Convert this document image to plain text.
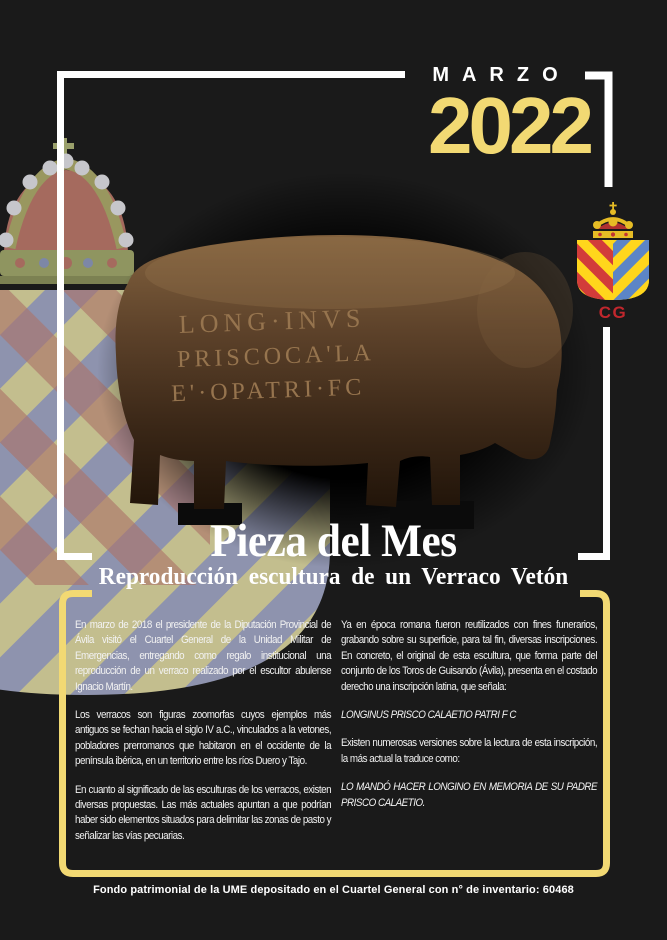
LONG·INVS
PRISCOCA'LA
E'·OPATRI·FC
MARZO
2022
CG
Pieza del Mes
Reproducción escultura de un Verraco Vetón

En marzo de 2018 el presidente de la Diputación Provincial de Ávila visitó el Cuartel General de la Unidad Militar de Emergencias, entregando como regalo institucional una reproducción de un verraco realizado por el escultor abulense Ignacio Martín.

Los verracos son figuras zoomorfas cuyos ejemplos más antiguos se fechan hacia el siglo IV a.C., vinculados a la vetones, pobladores prerromanos que habitaron en el occidente de la península ibérica, en un territorio entre los ríos Duero y Tajo.

En cuanto al significado de las esculturas de los verracos, existen diversas propuestas. Las más actuales apuntan a que podrían haber sido elementos situados para delimitar las zonas de pasto y señalizar las vías pecuarias.

Ya en época romana fueron reutilizados con fines funerarios, grabando sobre su superficie, para tal fin, diversas inscripciones. En concreto, el original de esta escultura, que forma parte del conjunto de los Toros de Guisando (Ávila), presenta en el costado derecho una inscripción latina, que señala:

LONGINUS PRISCO CALAETIO PATRI F C

Existen numerosas versiones sobre la lectura de esta inscripción, la más actual la traduce como:

LO MANDÓ HACER LONGINO EN MEMORIA DE SU PADRE PRISCO CALAETIO.

Fondo patrimonial de la UME depositado en el Cuartel General con n° de inventario: 60468
